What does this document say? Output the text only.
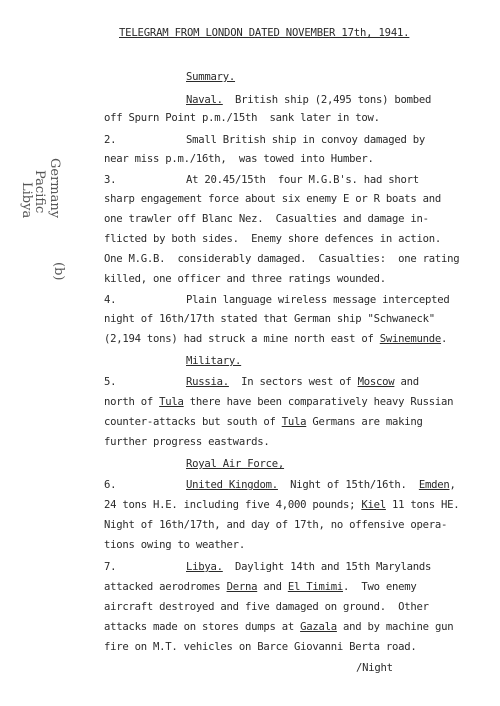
TELEGRAM FROM LONDON DATED NOVEMBER 17th, 1941.
Summary.
Naval.  British ship (2,495 tons) bombed
off Spurn Point p.m./15th  sank later in tow.
2.	Small British ship in convoy damaged by
near miss p.m./16th,  was towed into Humber.
3.	At 20.45/15th  four M.G.B's. had short
sharp engagement force about six enemy E or R boats and
one trawler off Blanc Nez.  Casualties and damage in-
flicted by both sides.  Enemy shore defences in action.
One M.G.B.  considerably damaged.  Casualties:  one rating
killed, one officer and three ratings wounded.
4.	Plain language wireless message intercepted
night of 16th/17th stated that German ship "Schwaneck"
(2,194 tons) had struck a mine north east of Swinemunde.
Military.
5.	Russia.  In sectors west of Moscow and
north of Tula there have been comparatively heavy Russian
counter-attacks but south of Tula Germans are making
further progress eastwards.
Royal Air Force,
6.	United Kingdom.  Night of 15th/16th.  Emden,
24 tons H.E. including five 4,000 pounds; Kiel 11 tons HE.
Night of 16th/17th, and day of 17th, no offensive opera-
tions owing to weather.
7.	Libya.  Daylight 14th and 15th Marylands
attacked aerodromes Derna and El Timimi.  Two enemy
aircraft destroyed and five damaged on ground.  Other
attacks made on stores dumps at Gazala and by machine gun
fire on M.T. vehicles on Barce Giovanni Berta road.
/Night
Germany
Pacific
Libya
(b)
